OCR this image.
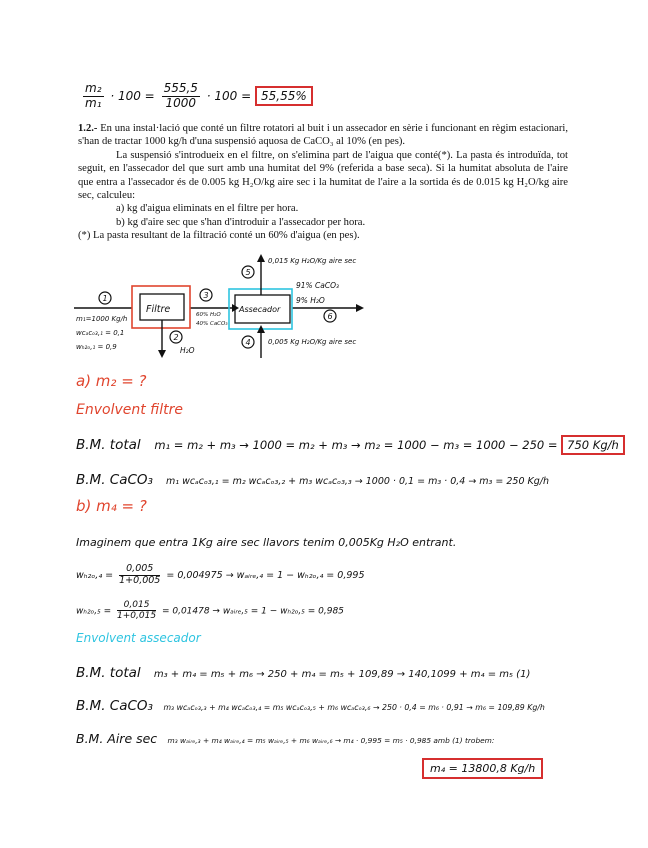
$\frac{\text{m₂}}{\text{m₁}} \cdot 100 = \frac{555,5}{1000} \cdot 100 = 55,55\%$

1.2.- En una instal·lació que conté un filtre rotatori al buit i un assecador en sèrie i funcionant en règim estacionari, s'han de tractar 1000 kg/h d'una suspensió aquosa de CaCO₃ al 10% (en pes).

La suspensió s'introdueix en el filtre, on s'elimina part de l'aigua que conté(*). La pasta és introduïda, tot seguit, en l'assecador del que surt amb una humitat del 9% (referida a base seca). Si la humitat absoluta de l'aire que entra a l'assecador és de 0.005 kg H₂O/kg aire sec i la humitat de l'aire a la sortida és de 0.015 kg H₂O/kg aire sec, calculeu:

a) kg d'aigua eliminats en el filtre per hora.

b) kg d'aire sec que s'han d'introduir a l'assecador per hora.

(*) La pasta resultant de la filtració conté un 60% d'aigua (en pes).

1
2
3
4
5
6
Filtre	Assecador
m₁=1000 Kg/h
wᴄₐᴄₒ₃,₁ = 0,1
wₕ₂ₒ,₁ = 0,9	H₂O
60% H₂O
40% CaCO₃
0,005 Kg H₂O/Kg aire sec
0,015 Kg H₂O/Kg aire sec
91% CaCO₃
9% H₂O
a) m₂ = ?
Envolvent filtre
B.M. total m₁ = m₂ + m₃ → 1000 = m₂ + m₃ → m₂ = 1000 − m₃ = 1000 − 250 = 750 Kg/h
B.M. CaCO₃ m₁ wᴄₐᴄₒ₃,₁ = m₂ wᴄₐᴄₒ₃,₂ + m₃ wᴄₐᴄₒ₃,₃ → 1000 · 0,1 = m₃ · 0,4 → m₃ = 250 Kg/h
b) m₄ = ?
Imaginem que entra 1Kg aire sec llavors tenim 0,005Kg H₂O entrant.
$w_{h2o},_4 = \frac{0,005}{1+0,005} = 0,004975$ → wₐᵢᵣₑ,₄ = 1 − wₕ₂ₒ,₄ = 0,995
$w_{h2o},_5 = \frac{0,015}{1+0,015} = 0,01478$ → wₐᵢᵣₑ,₅ = 1 − wₕ₂ₒ,₅ = 0,985
Envolvent assecador
B.M. total m₃ + m₄ = m₅ + m₆ → 250 + m₄ = m₅ + 109,89 → 140,1099 + m₄ = m₅ (1)
B.M. CaCO₃ m₃ wᴄₐᴄₒ₃,₃ + m₄ wᴄₐᴄₒ₃,₄ = m₅ wᴄₐᴄₒ₃,₅ + m₆ wᴄₐᴄₒ₃,₆ → 250 · 0,4 = m₆ · 0,91 → m₆ = 109,89 Kg/h
B.M. Aire sec m₃ wₐᵢᵣₑ,₃ + m₄ wₐᵢᵣₑ,₄ = m₅ wₐᵢᵣₑ,₅ + m₆ wₐᵢᵣₑ,₆ → m₄ · 0,995 = m₅ · 0,985 amb (1) trobem:
m₄ = 13800,8 Kg/h
